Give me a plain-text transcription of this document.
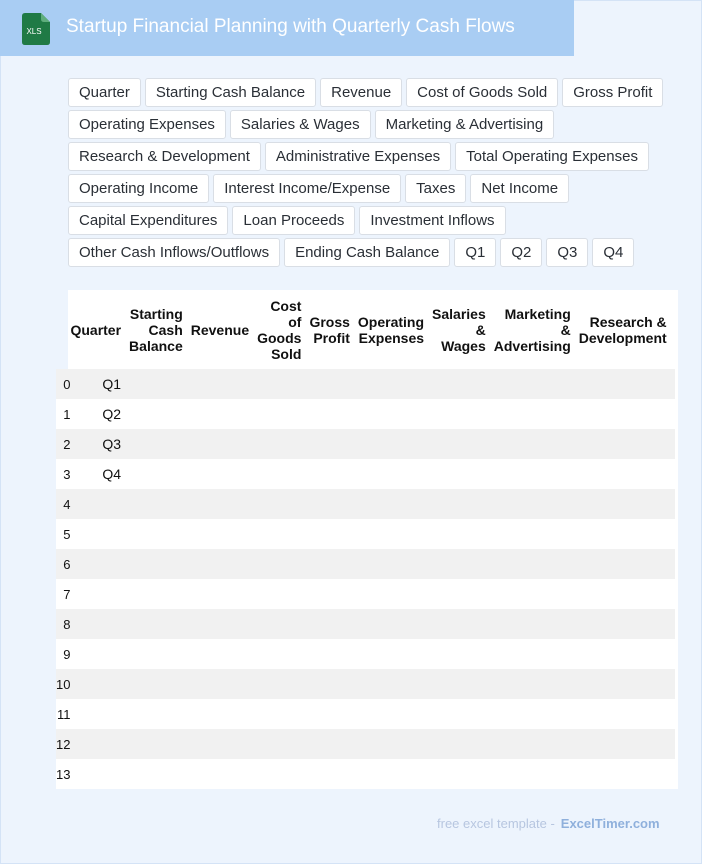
XLS Startup Financial Planning with Quarterly Cash Flows
Quarter	Starting Cash Balance	Revenue	Cost of Goods Sold	Gross Profit
Operating Expenses	Salaries & Wages	Marketing & Advertising
Research & Development	Administrative Expenses	Total Operating Expenses
Operating Income	Interest Income/Expense	Taxes	Net Income
Capital Expenditures	Loan Proceeds	Investment Inflows
Other Cash Inflows/Outflows	Ending Cash Balance	Q1	Q2	Q3	Q4
	Quarter	Starting Cash Balance	Revenue	Cost of Goods Sold	Gross Profit	Operating Expenses	Salaries & Wages	Marketing & Advertising	Research & Development
0	Q1								
1	Q2								
2	Q3								
3	Q4								
4									
5									
6									
7									
8									
9									
10									
11									
12									
13									
free excel template - ExcelTimer.com
